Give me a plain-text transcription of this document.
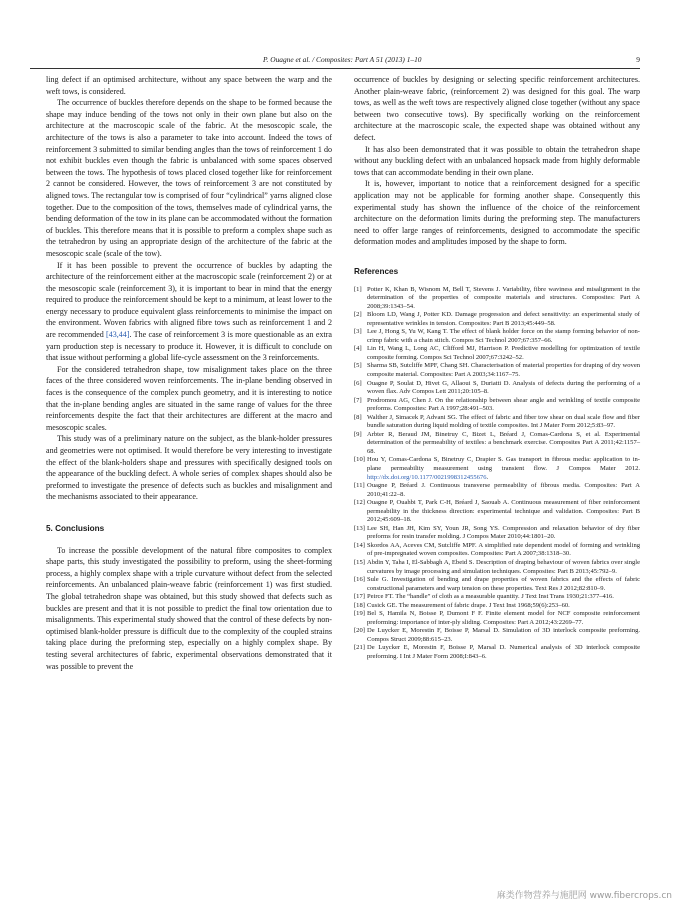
P. Ouagne et al. / Composites: Part A 51 (2013) 1–10	9

ling defect if an optimised architecture, without any space between the warp and the weft tows, is considered.

The occurrence of buckles therefore depends on the shape to be formed because the shape may induce bending of the tows not only in their own plane but also on the architecture at the macroscopic scale of the fabric. At the mesoscopic scale, the architecture of the tows is also a parameter to take into account. Indeed the tows of reinforcement 3 submitted to similar bending angles than the tows of reinforcement 1 do not exhibit buckles even though the fabric is unbalanced with some spaces observed between the tows. The hypothesis of tows placed closed together like for reinforcement 2 cannot be considered. However, the tows of reinforcement 3 are not constituted by aligned tows. The rectangular tow is comprised of four “cylindrical” yarns aligned close together. Due to the composition of the tows, themselves made of cylindrical yarns, the bending deformation of the tow in its plane can be accommodated without the formation of buckles. This therefore means that it is possible to preform a complex shape such as the tetrahedron by using an appropriate design of the architecture of the fabric at the mesoscopic scale (scale of the tow).

If it has been possible to prevent the occurrence of buckles by adapting the architecture of the reinforcement either at the macroscopic scale (reinforcement 2) or at the mesoscopic scale (reinforcement 3), it is important to bear in mind that the energy required to produce the reinforcement should be kept to a minimum, at least lower to the energy necessary to produce equivalent glass reinforcements to minimise the impact on the environment. Woven fabrics with aligned fibre tows such as reinforcement 1 and 2 are recommended [43,44]. The case of reinforcement 3 is more questionable as an extra yarn production step is necessary to produce it. However, it is difficult to conclude on that issue without performing a global life-cycle assessment on the 3 reinforcements.

For the considered tetrahedron shape, tow misalignment takes place on the three faces of the three considered woven reinforcements. The in-plane bending observed in faces is the consequence of the complex punch geometry, and it is interesting to notice that the in-plane bending angles are situated in the same range of values for the three reinforcements despite the fact that their architectures are different at the macro and mesoscopic scales.

This study was of a preliminary nature on the subject, as the blank-holder pressures and geometries were not optimised. It would therefore be very interesting to investigate the effect of the blank-holders shape and pressures with specifically designed tools on the appearance of the buckling defect. A whole series of complex shapes should also be preformed to investigate the presence of defects such as buckles and misalignment and the mechanisms associated to their appearance.

5. Conclusions

To increase the possible development of the natural fibre composites to complex shape parts, this study investigated the possibility to preform, using the sheet-forming process, a highly complex shape with a triple curvature without defect from the selected reinforcements. An unbalanced plain-weave fabric (reinforcement 1) was first studied. The global tetrahedron shape was obtained, but this study showed that defects such as buckles are present and that it is not possible to predict the final tow orientation due to misalignments. This experimental study showed that the control of these defects by non-optimised blank-holder pressure is difficult due to the complexity of the coupled strains taking place during the preforming step, especially on a highly complex shape. By testing several architectures of fabric, experimental observations demonstrated that it was possible to prevent the

occurrence of buckles by designing or selecting specific reinforcement architectures. Another plain-weave fabric, (reinforcement 2) was designed for this goal. The warp tows, as well as the weft tows are respectively aligned close together (without any space between two consecutive tows). By specifically working on the reinforcement architecture at the macroscopic scale, the expected shape was obtained without any defect.

It has also been demonstrated that it was possible to obtain the tetrahedron shape without any buckling defect with an unbalanced hopsack made from highly deformable tows that can accommodate bending in their own plane.

It is, however, important to notice that a reinforcement designed for a specific application may not be applicable for forming another shape. Consequently this experimental study has shown the influence of the choice of the reinforcement architecture on the deformation limits during the preforming step. The manufacturers need to offer large ranges of reinforcements, designed to accommodate the specific deformation modes and amplitudes imposed by the shape to form.

References
[1] Potter K, Khan B, Wisnom M, Bell T, Stevens J. Variability, fibre waviness and misalignment in the determination of the properties of composite materials and structures. Composites: Part A 2008;39:1343–54.
[2] Bloom LD, Wang J, Potter KD. Damage progression and defect sensitivity: an experimental study of representative wrinkles in tension. Composites: Part B 2013;45:449–58.
[3] Lee J, Hong S, Yu W, Kang T. The effect of blank holder force on the stamp forming behavior of non-crimp fabric with a chain stitch. Compos Sci Technol 2007;67:357–66.
[4] Lin H, Wang L, Long AC, Clifford MJ, Harrison P. Predictive modelling for optimization of textile composite forming. Compos Sci Technol 2007;67:3242–52.
[5] Sharma SB, Sutcliffe MPF, Chang SH. Characterisation of material properties for draping of dry woven composite material. Composites: Part A 2003;34:1167–75.
[6] Ouagne P, Soulat D, Hivet G, Allaoui S, Duriatti D. Analysis of defects during the performing of a woven flax. Adv Compos Lett 2011;20:105–8.
[7] Prodromou AG, Chen J. On the relationship between shear angle and wrinkling of textile composite preforms. Composites: Part A 1997;28:491–503.
[8] Walther J, Simacek P, Advani SG. The effect of fabric and fiber tow shear on dual scale flow and fiber bundle saturation during liquid molding of textile composites. Int J Mater Form 2012;5:83–97.
[9] Arbter R, Beraud JM, Binetruy C, Bizet L, Bréard J, Comas-Cardona S, et al. Experimental determination of the permeability of textiles: a benchmark exercise. Composites Part A 2011;42:1157–68.
[10] Hou Y, Comas-Cardona S, Binetruy C, Drapier S. Gas transport in fibrous media: application to in-plane permeability measurement using transient flow. J Compos Mater 2012. http://dx.doi.org/10.1177/0021998312455676.
[11] Ouagne P, Bréard J. Continuous transverse permeability of fibrous media. Composites: Part A 2010;41:22–8.
[12] Ouagne P, Ouahbi T, Park C-H, Bréard J, Saouab A. Continuous measurement of fiber reinforcement permeability in the thickness direction: experimental technique and validation. Composites: Part B 2012;45:609–18.
[13] Lee SH, Han JH, Kim SY, Youn JR, Song YS. Compression and relaxation behavior of dry fiber preforms for resin transfer molding. J Compos Mater 2010;44:1801–20.
[14] Skordos AA, Aceves CM, Sutcliffe MPF. A simplified rate dependent model of forming and wrinkling of pre-impregnated woven composites. Composites: Part A 2007;38:1318–30.
[15] Abdin Y, Taha I, El-Sabbagh A, Ebeid S. Description of draping behaviour of woven fabrics over single curvatures by image processing and simulation techniques. Composites: Part B 2013;45:792–9.
[16] Sule G. Investigation of bending and drape properties of woven fabrics and the effects of fabric constructional parameters and warp tension on these properties. Text Res J 2012;82:810–9.
[17] Peirce FT. The “handle” of cloth as a measurable quantity. J Text Inst Trans 1930;21:377–416.
[18] Cusick GE. The measurement of fabric drape. J Text Inst 1968;59(6):253–60.
[19] Bel S, Hamila N, Boisse P, Dumont F F. Finite element model for NCF composite reinforcement preforming: importance of inter-ply sliding. Composites: Part A 2012;43:2269–77.
[20] De Luycker E, Morestin F, Boisse P, Marsal D. Simulation of 3D interlock composite preforming. Compos Struct 2009;88:615–23.
[21] De Luycker E, Morestin F, Boisse P, Marsal D. Numerical analysis of 3D interlock composite preforming. I Int J Mater Form 2008;I:843–6.
麻类作物营养与施肥网 www.fibercrops.cn
